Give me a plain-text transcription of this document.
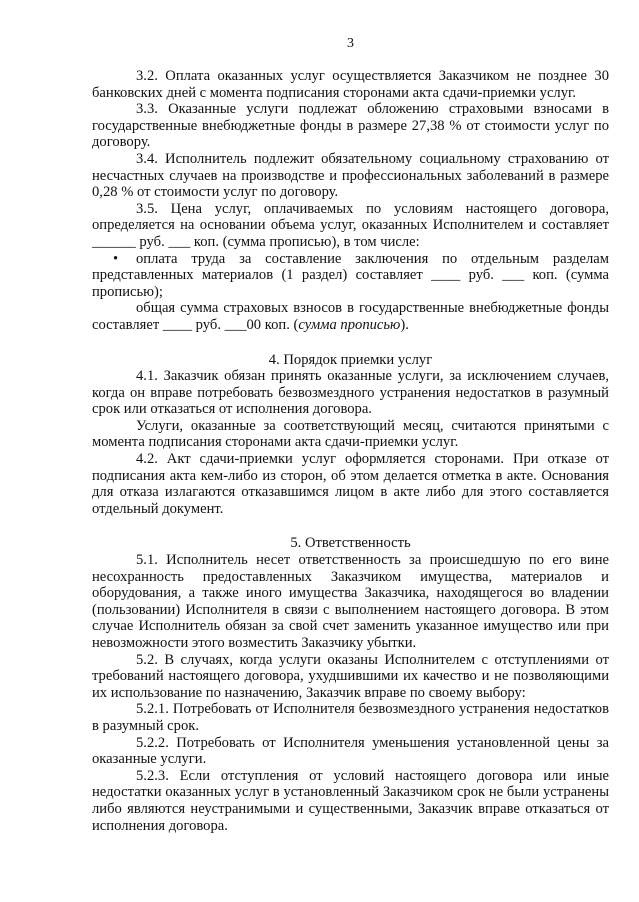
3

3.2. Оплата оказанных услуг осуществляется Заказчиком не позднее 30 банковских дней с момента подписания сторонами акта сдачи-приемки услуг.

3.3. Оказанные услуги подлежат обложению страховыми взносами в государственные внебюджетные фонды в размере 27,38 % от стоимости услуг по договору.

3.4. Исполнитель подлежит обязательному социальному страхованию от несчастных случаев на производстве и профессиональных заболеваний в размере 0,28 % от стоимости услуг по договору.

3.5. Цена услуг, оплачиваемых по условиям настоящего договора, определяется на основании объема услуг, оказанных Исполнителем и составляет ______ руб. ___ коп. (сумма прописью), в том числе:

• оплата труда за составление заключения по отдельным разделам представленных материалов (1 раздел) составляет ____ руб. ___ коп. (сумма прописью);

общая сумма страховых взносов в государственные внебюджетные фонды составляет ____ руб. ___00 коп. (сумма прописью).

4. Порядок приемки услуг

4.1. Заказчик обязан принять оказанные услуги, за исключением случаев, когда он вправе потребовать безвозмездного устранения недостатков в разумный срок или отказаться от исполнения договора.

Услуги, оказанные за соответствующий месяц, считаются принятыми с момента подписания сторонами акта сдачи-приемки услуг.

4.2. Акт сдачи-приемки услуг оформляется сторонами. При отказе от подписания акта кем-либо из сторон, об этом делается отметка в акте. Основания для отказа излагаются отказавшимся лицом в акте либо для этого составляется отдельный документ.

5. Ответственность

5.1. Исполнитель несет ответственность за происшедшую по его вине несохранность предоставленных Заказчиком имущества, материалов и оборудования, а также иного имущества Заказчика, находящегося во владении (пользовании) Исполнителя в связи с выполнением настоящего договора. В этом случае Исполнитель обязан за свой счет заменить указанное имущество или при невозможности этого возместить Заказчику убытки.

5.2. В случаях, когда услуги оказаны Исполнителем с отступлениями от требований настоящего договора, ухудшившими их качество и не позволяющими их использование по назначению, Заказчик вправе по своему выбору:

5.2.1. Потребовать от Исполнителя безвозмездного устранения недостатков в разумный срок.

5.2.2. Потребовать от Исполнителя уменьшения установленной цены за оказанные услуги.

5.2.3. Если отступления от условий настоящего договора или иные недостатки оказанных услуг в установленный Заказчиком срок не были устранены либо являются неустранимыми и существенными, Заказчик вправе отказаться от исполнения договора.
